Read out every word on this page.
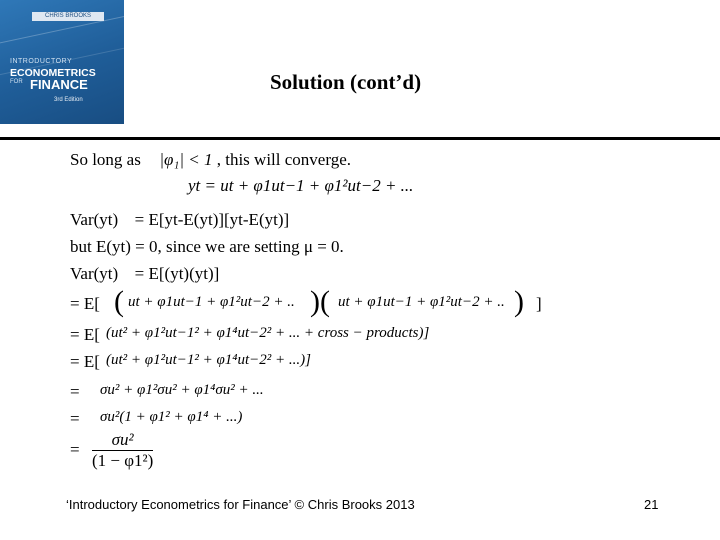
CHRIS BROOKS
INTRODUCTORY
ECONOMETRICS
FOR FINANCE
3rd Edition
Solution (cont’d)
So long as |φ₁| < 1 , this will converge.
yt = ut + φ1ut−1 + φ1²ut−2 + ...
Var(yt) = E[yt-E(yt)][yt-E(yt)]
but E(yt) = 0, since we are setting μ = 0.
Var(yt) = E[(yt)(yt)]
= E[ ( ut + φ1ut−1 + φ1²ut−2 + .. )( ut + φ1ut−1 + φ1²ut−2 + .. ) ]
= E[ (ut² + φ1²ut−1² + φ1⁴ut−2² + ... + cross − products)]
= E[ (ut² + φ1²ut−1² + φ1⁴ut−2² + ...)]
= σu² + φ1²σu² + φ1⁴σu² + ...
= σu²(1 + φ1² + φ1⁴ + ...)
= $\frac{\text{σu²}}{\text{(1 − φ1²)}}$
‘Introductory Econometrics for Finance’ © Chris Brooks 2013	21
